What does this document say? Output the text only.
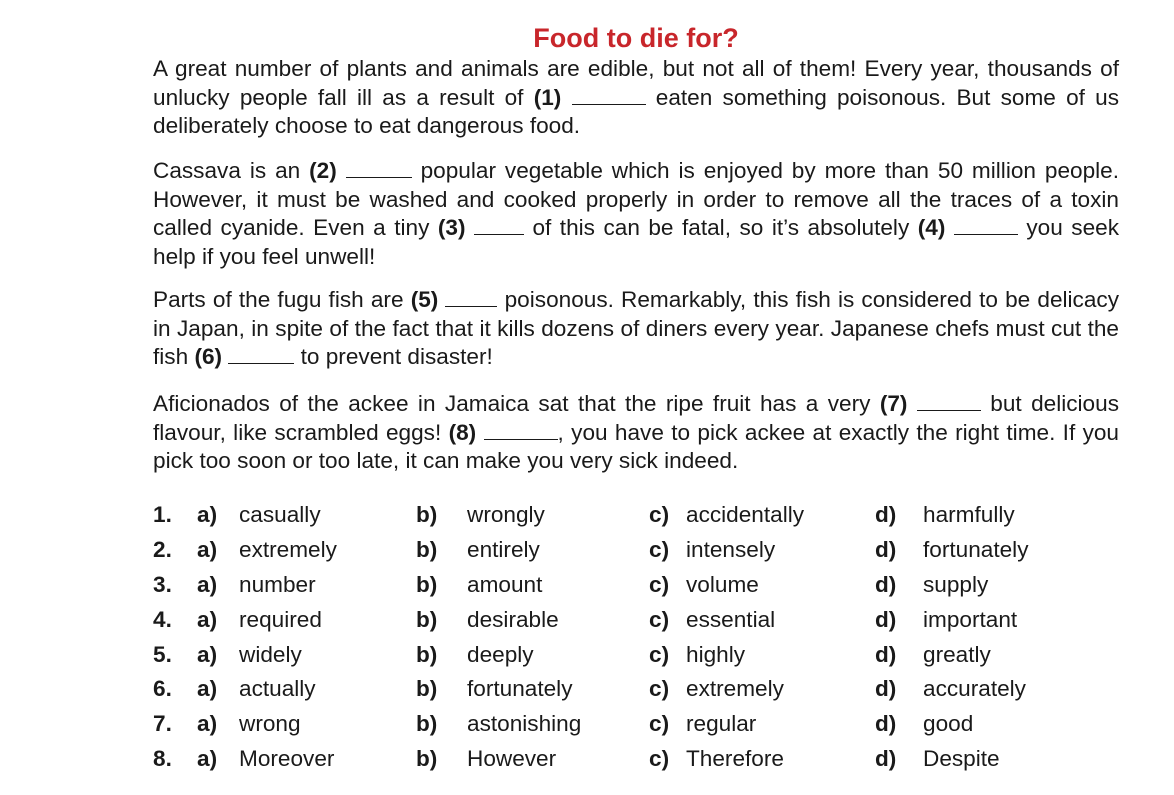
Food to die for?
A great number of plants and animals are edible, but not all of them! Every year, thousands of unlucky people fall ill as a result of (1)	eaten something poisonous. But some of us deliberately choose to eat dangerous food.
Cassava is an (2)	popular vegetable which is enjoyed by more than 50 million people. However, it must be washed and cooked properly in order to remove all the traces of a toxin called cyanide. Even a tiny (3)	of this can be fatal, so it’s absolutely (4)	you seek help if you feel unwell!
Parts of the fugu fish are (5)	poisonous. Remarkably, this fish is considered to be delicacy in Japan, in spite of the fact that it kills dozens of diners every year. Japanese chefs must cut the fish (6)	to prevent disaster!
Aficionados of the ackee in Jamaica sat that the ripe fruit has a very (7)	but delicious flavour, like scrambled eggs! (8)	, you have to pick ackee at exactly the right time. If you pick too soon or too late, it can make you very sick indeed.
1. a) casually	b) wrongly	c) accidentally	d) harmfully
2. a) extremely	b) entirely	c) intensely	d) fortunately
3. a) number	b) amount	c) volume	d) supply
4. a) required	b) desirable	c) essential	d) important
5. a) widely	b) deeply	c) highly	d) greatly
6. a) actually	b) fortunately	c) extremely	d) accurately
7. a) wrong	b) astonishing	c) regular	d) good
8. a) Moreover	b) However	c) Therefore	d) Despite
